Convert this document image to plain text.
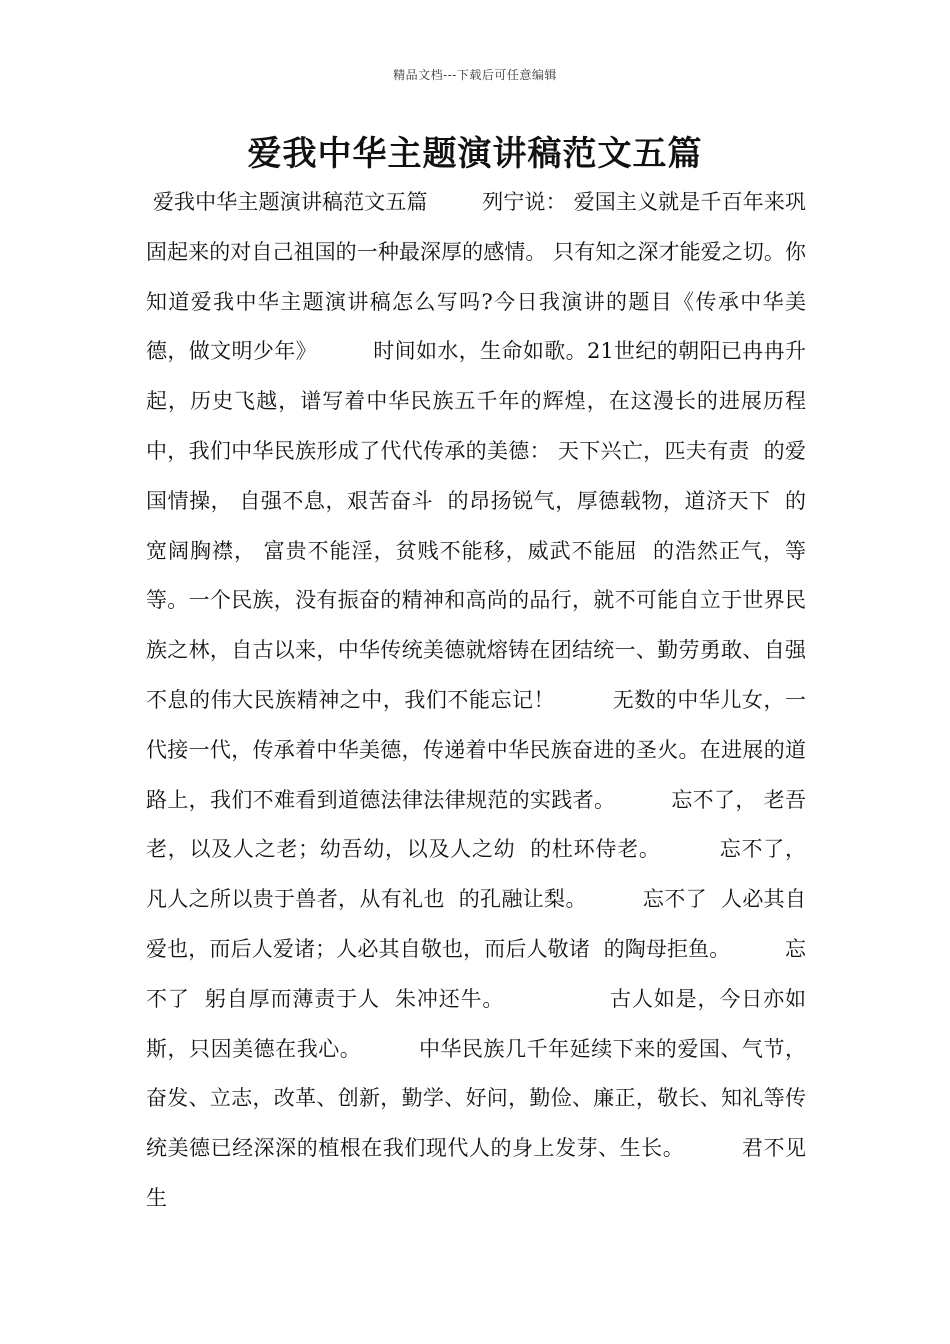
精品文档---下载后可任意编辑
爱我中华主题演讲稿范文五篇

爱我中华主题演讲稿范文五篇        列宁说： 爱国主义就是千百年来巩固起来的对自己祖国的一种最深厚的感情。 只有知之深才能爱之切。你知道爱我中华主题演讲稿怎么写吗?今日我演讲的题目《传承中华美德，做文明少年》        时间如水，生命如歌。21世纪的朝阳已冉冉升起，历史飞越，谱写着中华民族五千年的辉煌，在这漫长的进展历程中，我们中华民族形成了代代传承的美德： 天下兴亡，匹夫有责  的爱国情操， 自强不息，艰苦奋斗  的昂扬锐气，厚德载物，道济天下  的宽阔胸襟， 富贵不能淫，贫贱不能移，威武不能屈  的浩然正气，等等。一个民族，没有振奋的精神和高尚的品行，就不可能自立于世界民族之林，自古以来，中华传统美德就熔铸在团结统一、勤劳勇敢、自强不息的伟大民族精神之中，我们不能忘记！        无数的中华儿女，一代接一代，传承着中华美德，传递着中华民族奋进的圣火。在进展的道路上，我们不难看到道德法律法律规范的实践者。        忘不了， 老吾老，以及人之老；幼吾幼，以及人之幼  的杜环侍老。        忘不了， 凡人之所以贵于兽者，从有礼也  的孔融让梨。        忘不了  人必其自爱也，而后人爱诸；人必其自敬也，而后人敬诸  的陶母拒鱼。        忘不了  躬自厚而薄责于人  朱冲还牛。              古人如是，今日亦如斯，只因美德在我心。        中华民族几千年延续下来的爱国、气节，奋发、立志，改革、创新，勤学、好问，勤俭、廉正，敬长、知礼等传统美德已经深深的植根在我们现代人的身上发芽、生长。        君不见生
